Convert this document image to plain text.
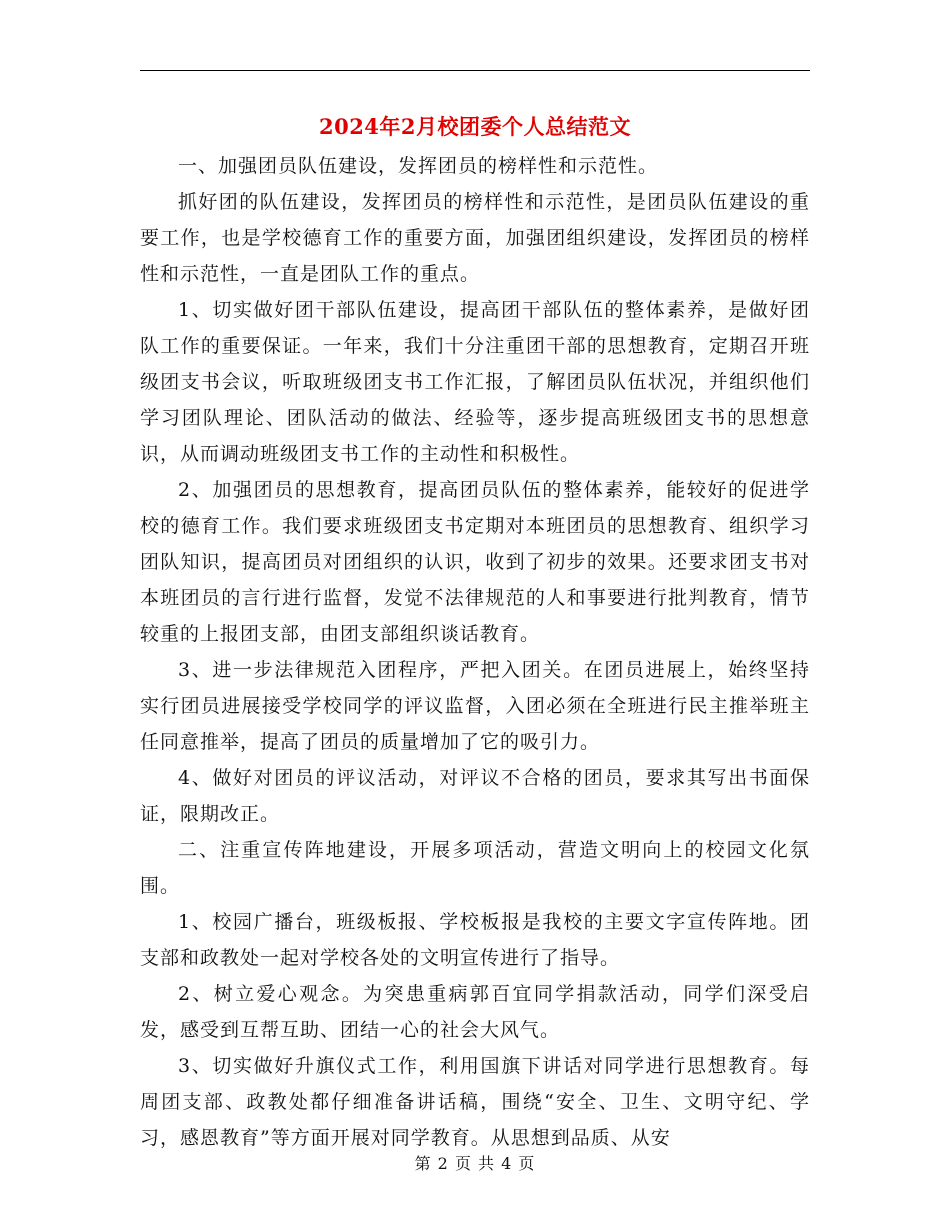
2024年2月校团委个人总结范文

一、加强团员队伍建设，发挥团员的榜样性和示范性。

抓好团的队伍建设，发挥团员的榜样性和示范性，是团员队伍建设的重要工作，也是学校德育工作的重要方面，加强团组织建设，发挥团员的榜样性和示范性，一直是团队工作的重点。

1、切实做好团干部队伍建设，提高团干部队伍的整体素养，是做好团队工作的重要保证。一年来，我们十分注重团干部的思想教育，定期召开班级团支书会议，听取班级团支书工作汇报，了解团员队伍状况，并组织他们学习团队理论、团队活动的做法、经验等，逐步提高班级团支书的思想意识，从而调动班级团支书工作的主动性和积极性。

2、加强团员的思想教育，提高团员队伍的整体素养，能较好的促进学校的德育工作。我们要求班级团支书定期对本班团员的思想教育、组织学习团队知识，提高团员对团组织的认识，收到了初步的效果。还要求团支书对本班团员的言行进行监督，发觉不法律规范的人和事要进行批判教育，情节较重的上报团支部，由团支部组织谈话教育。

3、进一步法律规范入团程序，严把入团关。在团员进展上，始终坚持实行团员进展接受学校同学的评议监督，入团必须在全班进行民主推举班主任同意推举，提高了团员的质量增加了它的吸引力。

4、做好对团员的评议活动，对评议不合格的团员，要求其写出书面保证，限期改正。

二、注重宣传阵地建设，开展多项活动，营造文明向上的校园文化氛围。

1、校园广播台，班级板报、学校板报是我校的主要文字宣传阵地。团支部和政教处一起对学校各处的文明宣传进行了指导。

2、树立爱心观念。为突患重病郭百宜同学捐款活动，同学们深受启发，感受到互帮互助、团结一心的社会大风气。

3、切实做好升旗仪式工作，利用国旗下讲话对同学进行思想教育。每周团支部、政教处都仔细准备讲话稿，围绕“安全、卫生、文明守纪、学习，感恩教育”等方面开展对同学教育。从思想到品质、从安

第 2 页 共 4 页
